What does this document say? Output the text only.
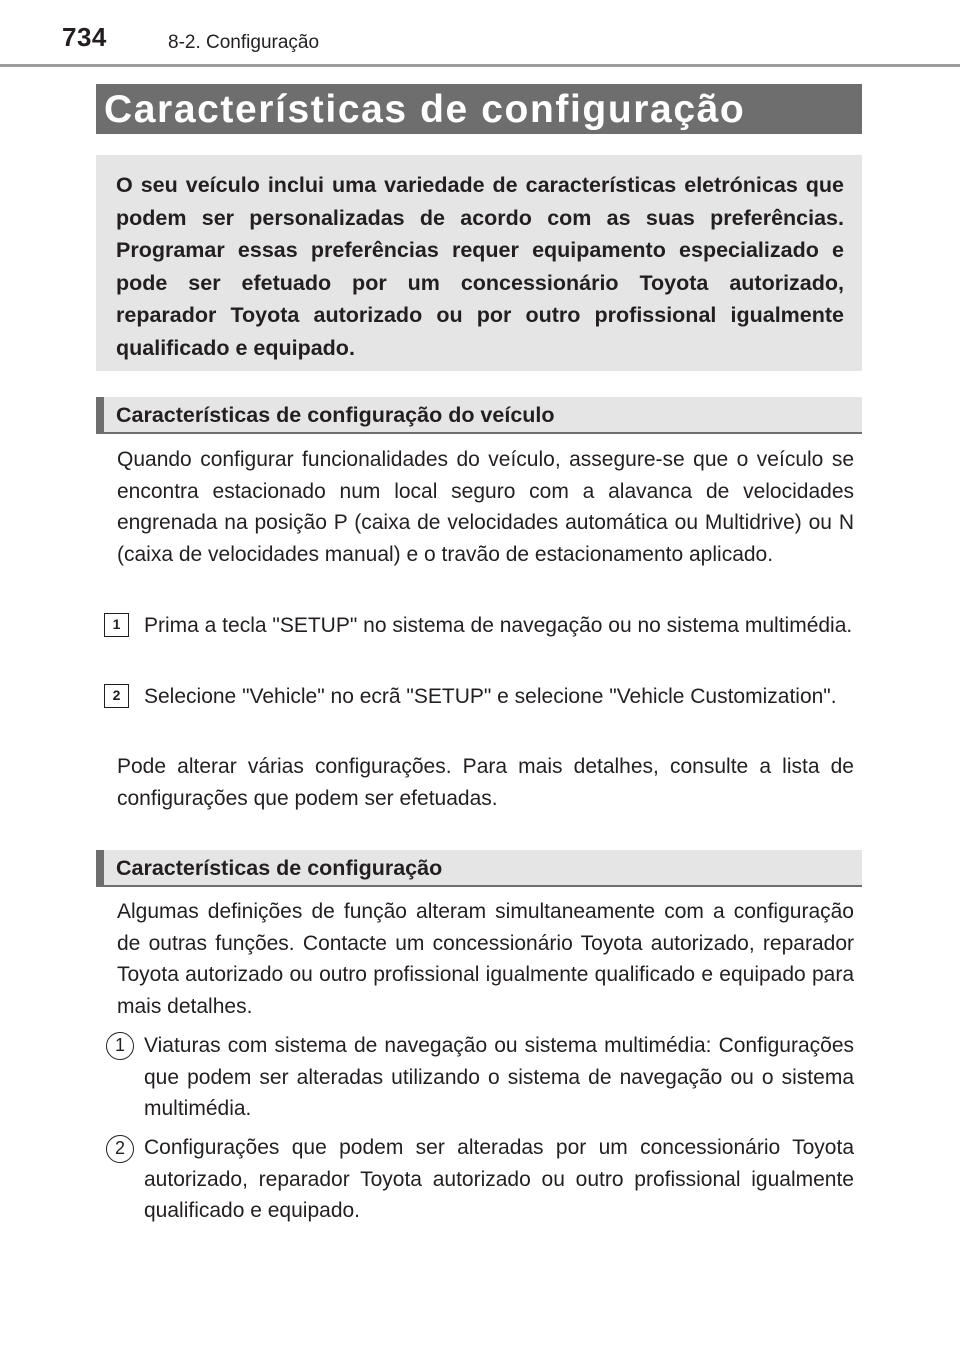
734	8-2. Configuração
Características de configuração
O seu veículo inclui uma variedade de características eletrónicas que podem ser personalizadas de acordo com as suas preferências. Programar essas preferências requer equipamento especializado e pode ser efetuado por um concessionário Toyota autorizado, reparador Toyota autorizado ou por outro profissional igualmente qualificado e equipado.
Características de configuração do veículo
Quando configurar funcionalidades do veículo, assegure-se que o veículo se encontra estacionado num local seguro com a alavanca de velocidades engrenada na posição P (caixa de velocidades automática ou Multidrive) ou N (caixa de velocidades manual) e o travão de estacionamento aplicado.
1	Prima a tecla "SETUP" no sistema de navegação ou no sistema multimédia.
2	Selecione "Vehicle" no ecrã "SETUP" e selecione "Vehicle Customization".
Pode alterar várias configurações. Para mais detalhes, consulte a lista de configurações que podem ser efetuadas.
Características de configuração
Algumas definições de função alteram simultaneamente com a configuração de outras funções. Contacte um concessionário Toyota autorizado, reparador Toyota autorizado ou outro profissional igualmente qualificado e equipado para mais detalhes.
1 Viaturas com sistema de navegação ou sistema multimédia: Configurações que podem ser alteradas utilizando o sistema de navegação ou o sistema multimédia.
2 Configurações que podem ser alteradas por um concessionário Toyota autorizado, reparador Toyota autorizado ou outro profissional igualmente qualificado e equipado.
